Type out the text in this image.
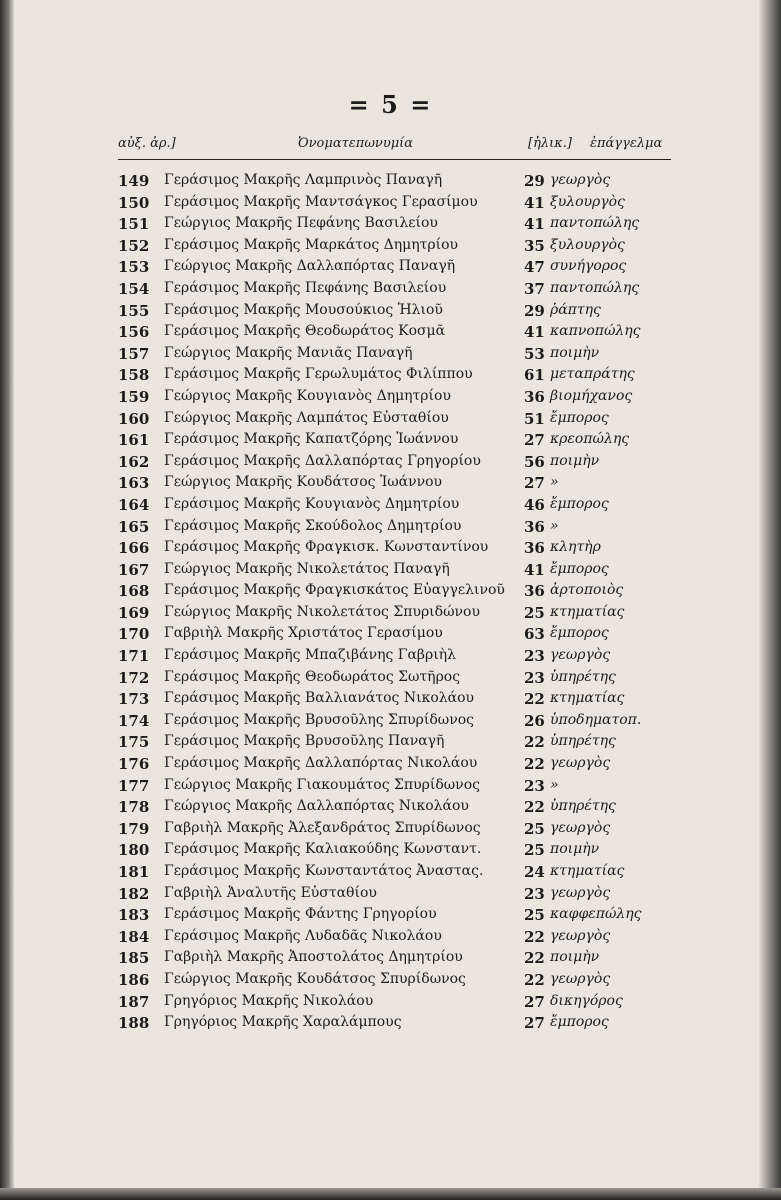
= 5 =
αὐξ. ἀρ.]	Ὀνοματεπωνυμία	[ἡλικ.] ἐπάγγελμα
149	Γεράσιμος Μακρῆς Λαμπρινὸς Παναγῆ	29 γεωργὸς
150	Γεράσιμος Μακρῆς Μαντσάγκος Γερασίμου	41 ξυλουργὸς
151	Γεώργιος Μακρῆς Πεφάνης Βασιλείου	41 παντοπώλης
152	Γεράσιμος Μακρῆς Μαρκάτος Δημητρίου	35 ξυλουργὸς
153	Γεώργιος Μακρῆς Δαλλαπόρτας Παναγῆ	47 συνήγορος
154	Γεράσιμος Μακρῆς Πεφάνης Βασιλείου	37 παντοπώλης
155	Γεράσιμος Μακρῆς Μουσούκιος Ἡλιοῦ	29 ῥάπτης
156	Γεράσιμος Μακρῆς Θεοδωράτος Κοσμᾶ	41 καπνοπώλης
157	Γεώργιος Μακρῆς Μανιᾶς Παναγῆ	53 ποιμὴν
158	Γεράσιμος Μακρῆς Γερωλυμάτος Φιλίππου	61 μεταπράτης
159	Γεώργιος Μακρῆς Κουγιανὸς Δημητρίου	36 βιομήχανος
160	Γεώργιος Μακρῆς Λαμπάτος Εὐσταθίου	51 ἔμπορος
161	Γεράσιμος Μακρῆς Καπατζόρης Ἰωάννου	27 κρεοπώλης
162	Γεράσιμος Μακρῆς Δαλλαπόρτας Γρηγορίου	56 ποιμὴν
163	Γεώργιος Μακρῆς Κουδάτσος Ἰωάννου	27 »
164	Γεράσιμος Μακρῆς Κουγιανὸς Δημητρίου	46 ἔμπορος
165	Γεράσιμος Μακρῆς Σκούδολος Δημητρίου	36 »
166	Γεράσιμος Μακρῆς Φραγκισκ. Κωνσταντίνου 36 κλητὴρ
167	Γεώργιος Μακρῆς Νικολετάτος Παναγῆ	41 ἔμπορος
168	Γεράσιμος Μακρῆς Φραγκισκάτος Εὐαγγελινοῦ 36 ἀρτοποιὸς
169	Γεώργιος Μακρῆς Νικολετάτος Σπυριδώνου	25 κτηματίας
170	Γαβριὴλ Μακρῆς Χριστάτος Γερασίμου	63 ἔμπορος
171	Γεράσιμος Μακρῆς Μπαζιβάνης Γαβριὴλ	23 γεωργὸς
172	Γεράσιμος Μακρῆς Θεοδωράτος Σωτῆρος	23 ὑπηρέτης
173	Γεράσιμος Μακρῆς Βαλλιανάτος Νικολάου	22 κτηματίας
174	Γεράσιμος Μακρῆς Βρυσοῦλης Σπυρίδωνος	26 ὑποδηματοπ.
175	Γεράσιμος Μακρῆς Βρυσοῦλης Παναγῆ	22 ὑπηρέτης
176	Γεράσιμος Μακρῆς Δαλλαπόρτας Νικολάου	22 γεωργὸς
177	Γεώργιος Μακρῆς Γιακουμάτος Σπυρίδωνος	23 »
178	Γεώργιος Μακρῆς Δαλλαπόρτας Νικολάου	22 ὑπηρέτης
179	Γαβριὴλ Μακρῆς Ἀλεξανδράτος Σπυρίδωνος	25 γεωργὸς
180	Γεράσιμος Μακρῆς Καλιακούδης Κωνσταντ.	25 ποιμὴν
181	Γεράσιμος Μακρῆς Κωνσταντάτος Ἀναστας.	24 κτηματίας
182	Γαβριὴλ Ἀναλυτῆς Εὐσταθίου	23 γεωργὸς
183	Γεράσιμος Μακρῆς Φάντης Γρηγορίου	25 καφφεπώλης
184	Γεράσιμος Μακρῆς Λυδαδᾶς Νικολάου	22 γεωργὸς
185	Γαβριὴλ Μακρῆς Ἀποστολάτος Δημητρίου	22 ποιμὴν
186	Γεώργιος Μακρῆς Κουδάτσος Σπυρίδωνος	22 γεωργὸς
187	Γρηγόριος Μακρῆς Νικολάου	27 δικηγόρος
188	Γρηγόριος Μακρῆς Χαραλάμπους	27 ἔμπορος
